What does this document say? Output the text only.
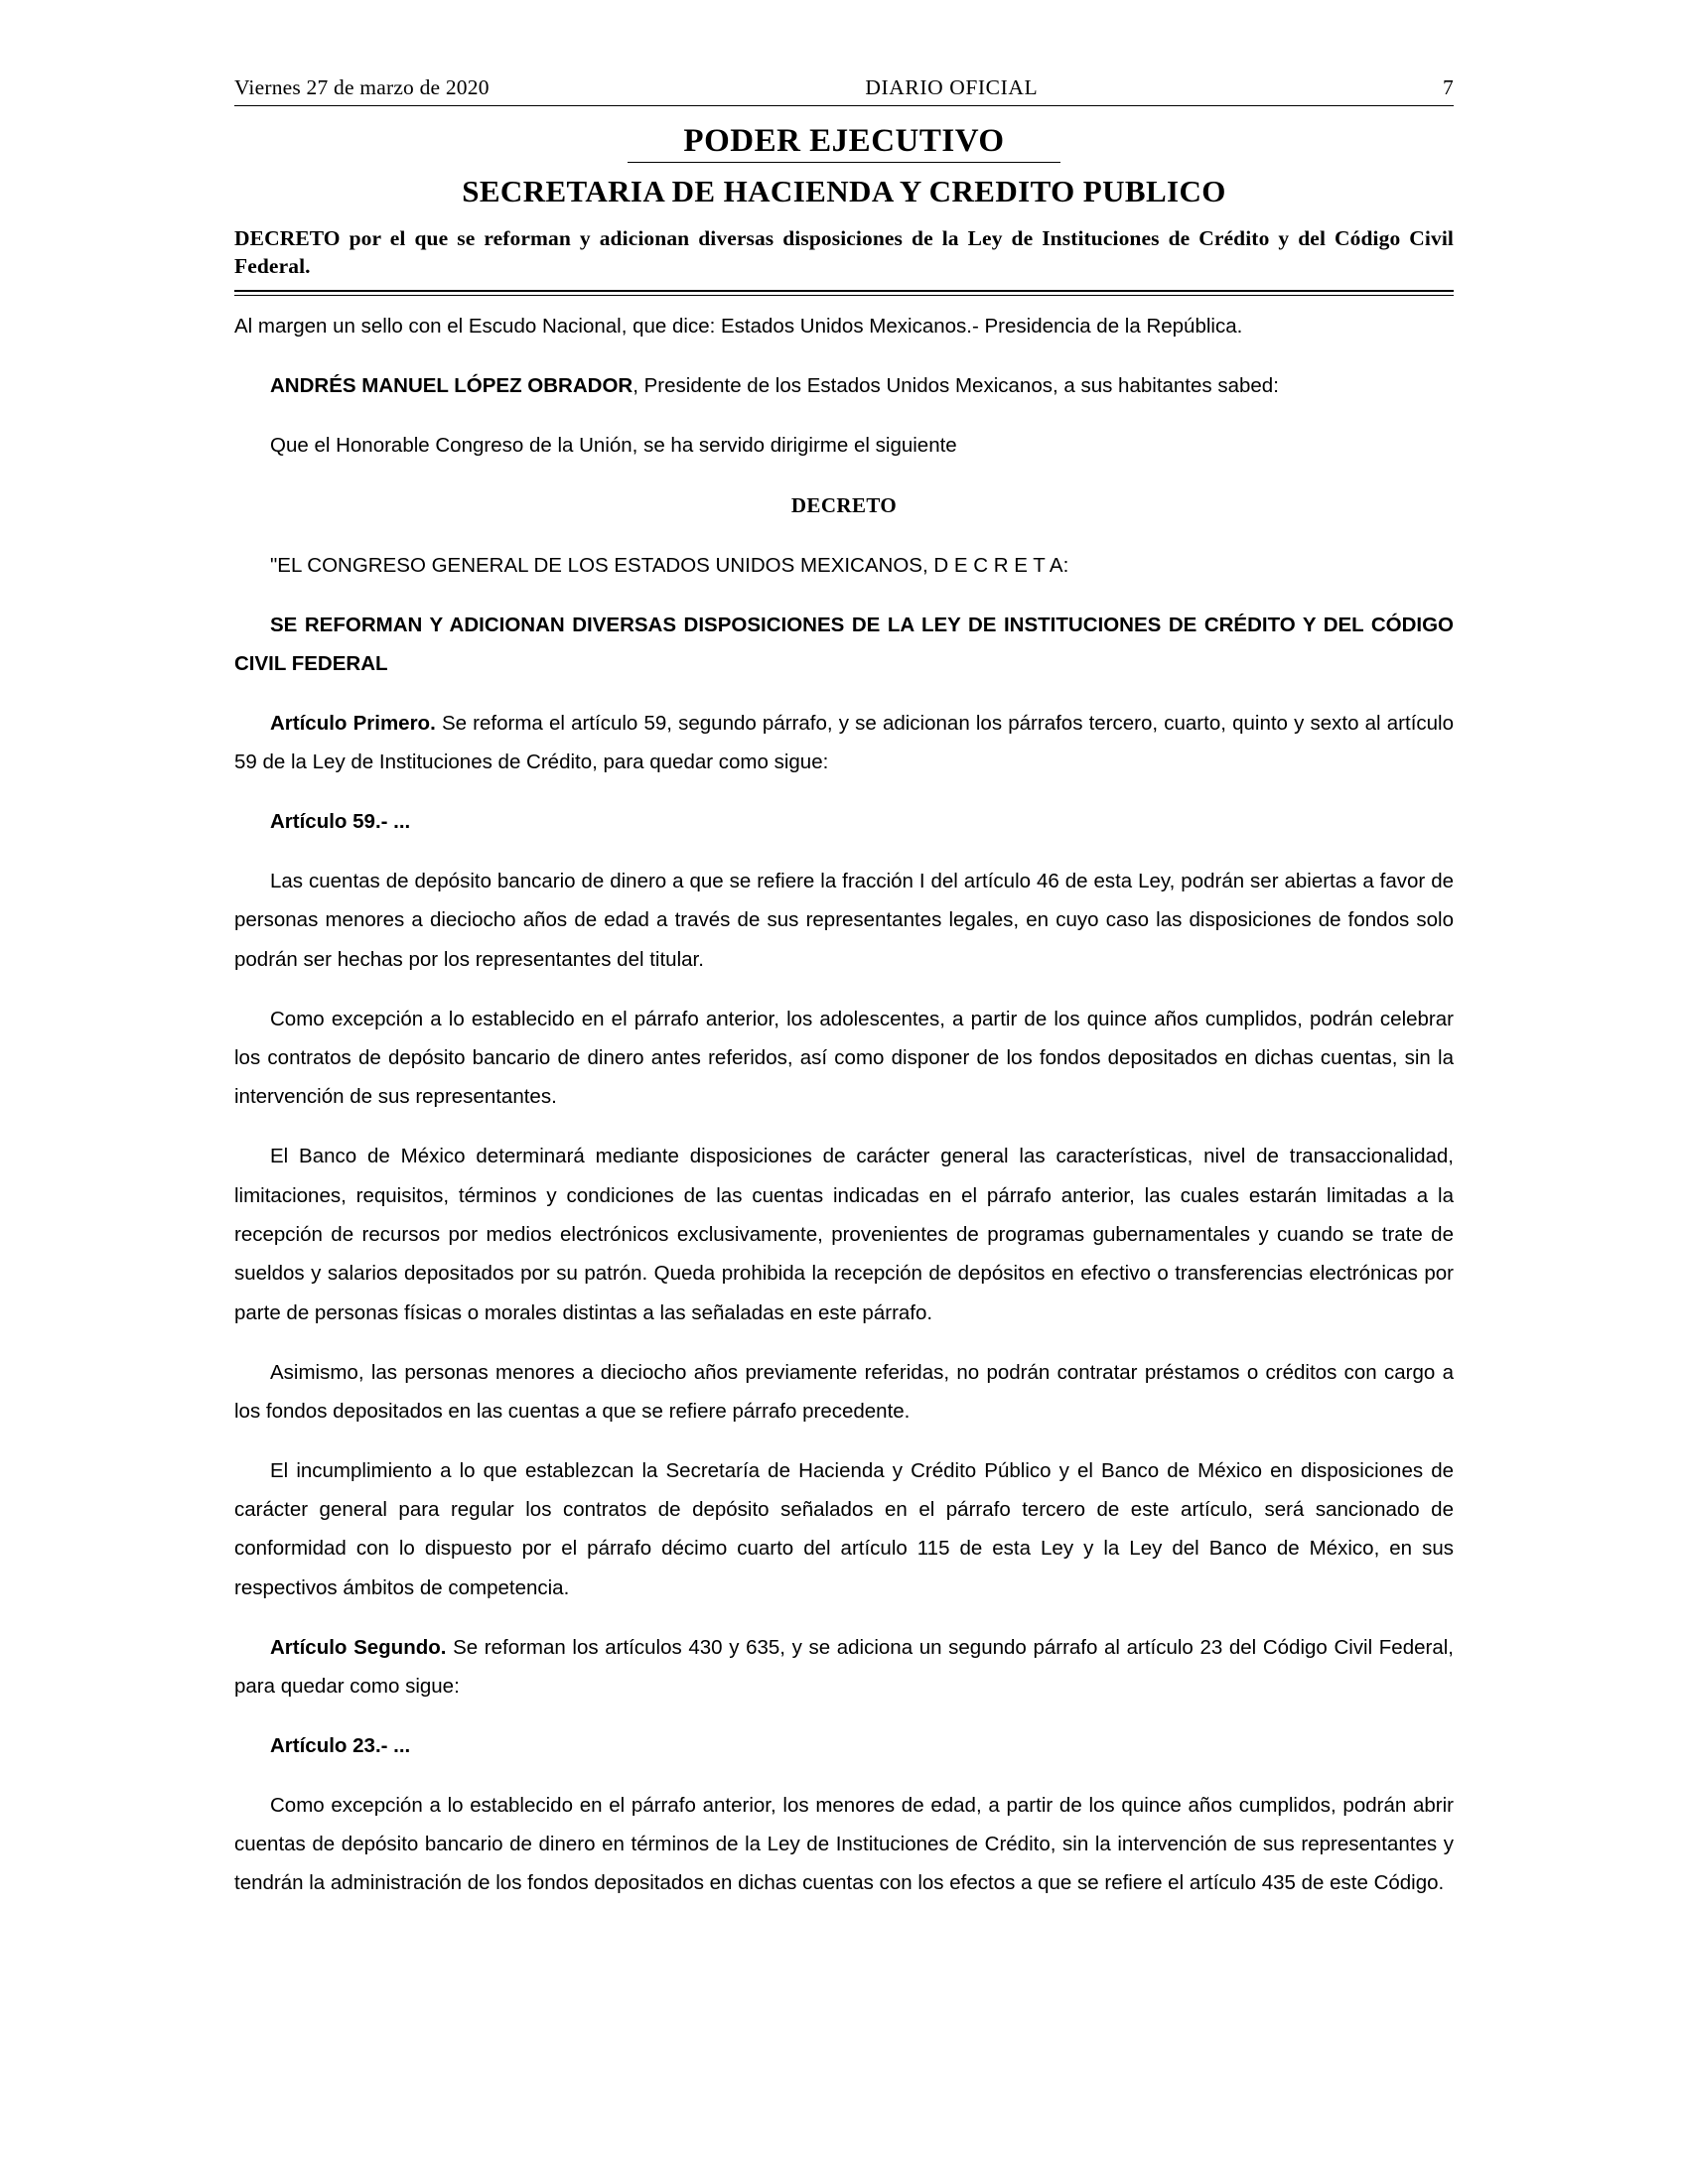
Viernes 27 de marzo de 2020	DIARIO OFICIAL	7
PODER EJECUTIVO
SECRETARIA DE HACIENDA Y CREDITO PUBLICO
DECRETO por el que se reforman y adicionan diversas disposiciones de la Ley de Instituciones de Crédito y del Código Civil Federal.

Al margen un sello con el Escudo Nacional, que dice: Estados Unidos Mexicanos.- Presidencia de la República.

ANDRÉS MANUEL LÓPEZ OBRADOR, Presidente de los Estados Unidos Mexicanos, a sus habitantes sabed:

Que el Honorable Congreso de la Unión, se ha servido dirigirme el siguiente

DECRETO

"EL CONGRESO GENERAL DE LOS ESTADOS UNIDOS MEXICANOS, D E C R E T A:

SE REFORMAN Y ADICIONAN DIVERSAS DISPOSICIONES DE LA LEY DE INSTITUCIONES DE CRÉDITO Y DEL CÓDIGO CIVIL FEDERAL

Artículo Primero. Se reforma el artículo 59, segundo párrafo, y se adicionan los párrafos tercero, cuarto, quinto y sexto al artículo 59 de la Ley de Instituciones de Crédito, para quedar como sigue:

Artículo 59.- ...

Las cuentas de depósito bancario de dinero a que se refiere la fracción I del artículo 46 de esta Ley, podrán ser abiertas a favor de personas menores a dieciocho años de edad a través de sus representantes legales, en cuyo caso las disposiciones de fondos solo podrán ser hechas por los representantes del titular.

Como excepción a lo establecido en el párrafo anterior, los adolescentes, a partir de los quince años cumplidos, podrán celebrar los contratos de depósito bancario de dinero antes referidos, así como disponer de los fondos depositados en dichas cuentas, sin la intervención de sus representantes.

El Banco de México determinará mediante disposiciones de carácter general las características, nivel de transaccionalidad, limitaciones, requisitos, términos y condiciones de las cuentas indicadas en el párrafo anterior, las cuales estarán limitadas a la recepción de recursos por medios electrónicos exclusivamente, provenientes de programas gubernamentales y cuando se trate de sueldos y salarios depositados por su patrón. Queda prohibida la recepción de depósitos en efectivo o transferencias electrónicas por parte de personas físicas o morales distintas a las señaladas en este párrafo.

Asimismo, las personas menores a dieciocho años previamente referidas, no podrán contratar préstamos o créditos con cargo a los fondos depositados en las cuentas a que se refiere párrafo precedente.

El incumplimiento a lo que establezcan la Secretaría de Hacienda y Crédito Público y el Banco de México en disposiciones de carácter general para regular los contratos de depósito señalados en el párrafo tercero de este artículo, será sancionado de conformidad con lo dispuesto por el párrafo décimo cuarto del artículo 115 de esta Ley y la Ley del Banco de México, en sus respectivos ámbitos de competencia.

Artículo Segundo. Se reforman los artículos 430 y 635, y se adiciona un segundo párrafo al artículo 23 del Código Civil Federal, para quedar como sigue:

Artículo 23.- ...

Como excepción a lo establecido en el párrafo anterior, los menores de edad, a partir de los quince años cumplidos, podrán abrir cuentas de depósito bancario de dinero en términos de la Ley de Instituciones de Crédito, sin la intervención de sus representantes y tendrán la administración de los fondos depositados en dichas cuentas con los efectos a que se refiere el artículo 435 de este Código.
